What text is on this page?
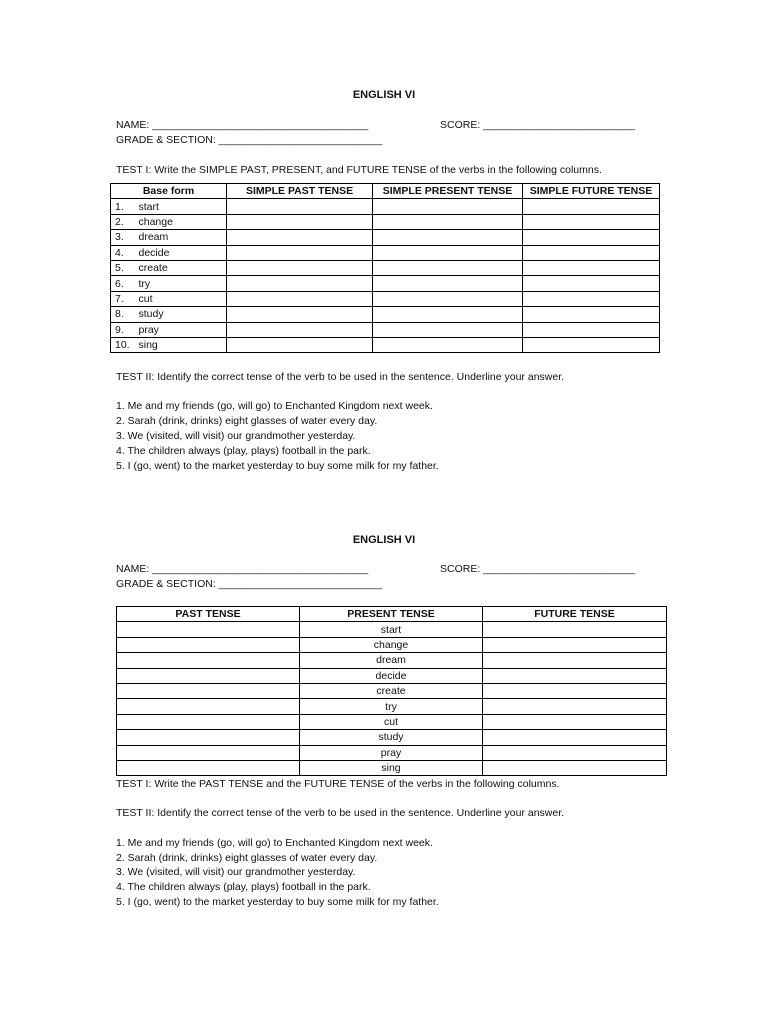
ENGLISH VI
NAME: _____________________________________	SCORE: __________________________
GRADE & SECTION: ____________________________
TEST I: Write the SIMPLE PAST, PRESENT, and FUTURE TENSE of the verbs in the following columns.
Base form		SIMPLE PAST TENSE	SIMPLE PRESENT TENSE	SIMPLE FUTURE TENSE
1.	start			
2.	change			
3.	dream			
4.	decide			
5.	create			
6.	try			
7.	cut			
8.	study			
9.	pray			
10.	sing			
TEST II: Identify the correct tense of the verb to be used in the sentence. Underline your answer.
1. Me and my friends (go, will go) to Enchanted Kingdom next week.
2. Sarah (drink, drinks) eight glasses of water every day.
3. We (visited, will visit) our grandmother yesterday.
4. The children always (play, plays) football in the park.
5. I (go, went) to the market yesterday to buy some milk for my father.
ENGLISH VI
NAME: _____________________________________	SCORE: __________________________
GRADE & SECTION: ____________________________
PAST TENSE	PRESENT TENSE	FUTURE TENSE
	start	
	change	
	dream	
	decide	
	create	
	try	
	cut	
	study	
	pray	
	sing	
TEST I: Write the PAST TENSE and the FUTURE TENSE of the verbs in the following columns.
TEST II: Identify the correct tense of the verb to be used in the sentence. Underline your answer.
1. Me and my friends (go, will go) to Enchanted Kingdom next week.
2. Sarah (drink, drinks) eight glasses of water every day.
3. We (visited, will visit) our grandmother yesterday.
4. The children always (play, plays) football in the park.
5. I (go, went) to the market yesterday to buy some milk for my father.
